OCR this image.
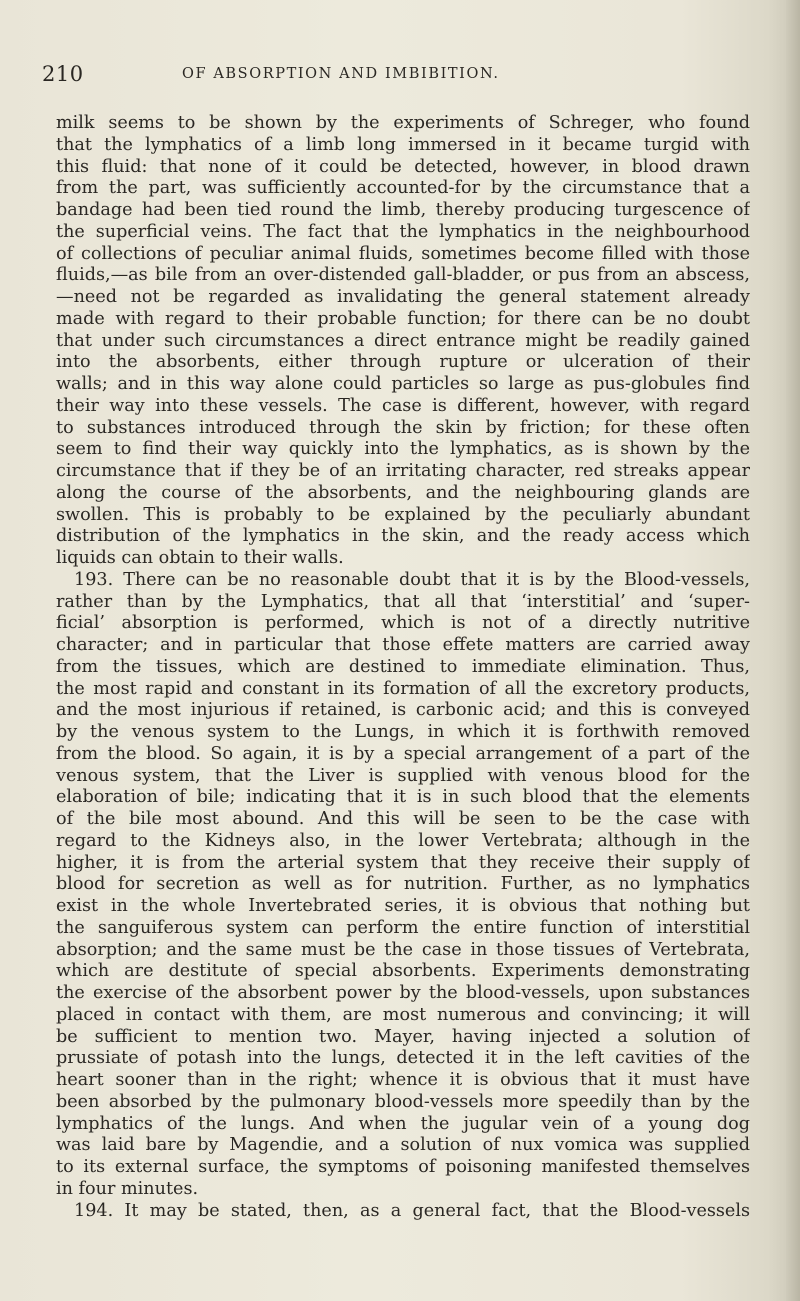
210	OF ABSORPTION AND IMBIBITION.
milk seems to be shown by the experiments of Schreger, who found
that the lymphatics of a limb long immersed in it became turgid with
this fluid: that none of it could be detected, however, in blood drawn
from the part, was sufficiently accounted-for by the circumstance that a
bandage had been tied round the limb, thereby producing turgescence of
the superficial veins. The fact that the lymphatics in the neighbourhood
of collections of peculiar animal fluids, sometimes become filled with those
fluids,—as bile from an over-distended gall-bladder, or pus from an abscess,
—need not be regarded as invalidating the general statement already
made with regard to their probable function; for there can be no doubt
that under such circumstances a direct entrance might be readily gained
into the absorbents, either through rupture or ulceration of their
walls; and in this way alone could particles so large as pus-globules find
their way into these vessels. The case is different, however, with regard
to substances introduced through the skin by friction; for these often
seem to find their way quickly into the lymphatics, as is shown by the
circumstance that if they be of an irritating character, red streaks appear
along the course of the absorbents, and the neighbouring glands are
swollen. This is probably to be explained by the peculiarly abundant
distribution of the lymphatics in the skin, and the ready access which
liquids can obtain to their walls.
193. There can be no reasonable doubt that it is by the Blood-vessels,
rather than by the Lymphatics, that all that ‘interstitial’ and ‘super-
ficial’ absorption is performed, which is not of a directly nutritive
character; and in particular that those effete matters are carried away
from the tissues, which are destined to immediate elimination. Thus,
the most rapid and constant in its formation of all the excretory products,
and the most injurious if retained, is carbonic acid; and this is conveyed
by the venous system to the Lungs, in which it is forthwith removed
from the blood. So again, it is by a special arrangement of a part of the
venous system, that the Liver is supplied with venous blood for the
elaboration of bile; indicating that it is in such blood that the elements
of the bile most abound. And this will be seen to be the case with
regard to the Kidneys also, in the lower Vertebrata; although in the
higher, it is from the arterial system that they receive their supply of
blood for secretion as well as for nutrition. Further, as no lymphatics
exist in the whole Invertebrated series, it is obvious that nothing but
the sanguiferous system can perform the entire function of interstitial
absorption; and the same must be the case in those tissues of Vertebrata,
which are destitute of special absorbents. Experiments demonstrating
the exercise of the absorbent power by the blood-vessels, upon substances
placed in contact with them, are most numerous and convincing; it will
be sufficient to mention two. Mayer, having injected a solution of
prussiate of potash into the lungs, detected it in the left cavities of the
heart sooner than in the right; whence it is obvious that it must have
been absorbed by the pulmonary blood-vessels more speedily than by the
lymphatics of the lungs. And when the jugular vein of a young dog
was laid bare by Magendie, and a solution of nux vomica was supplied
to its external surface, the symptoms of poisoning manifested themselves
in four minutes.
194. It may be stated, then, as a general fact, that the Blood-vessels
